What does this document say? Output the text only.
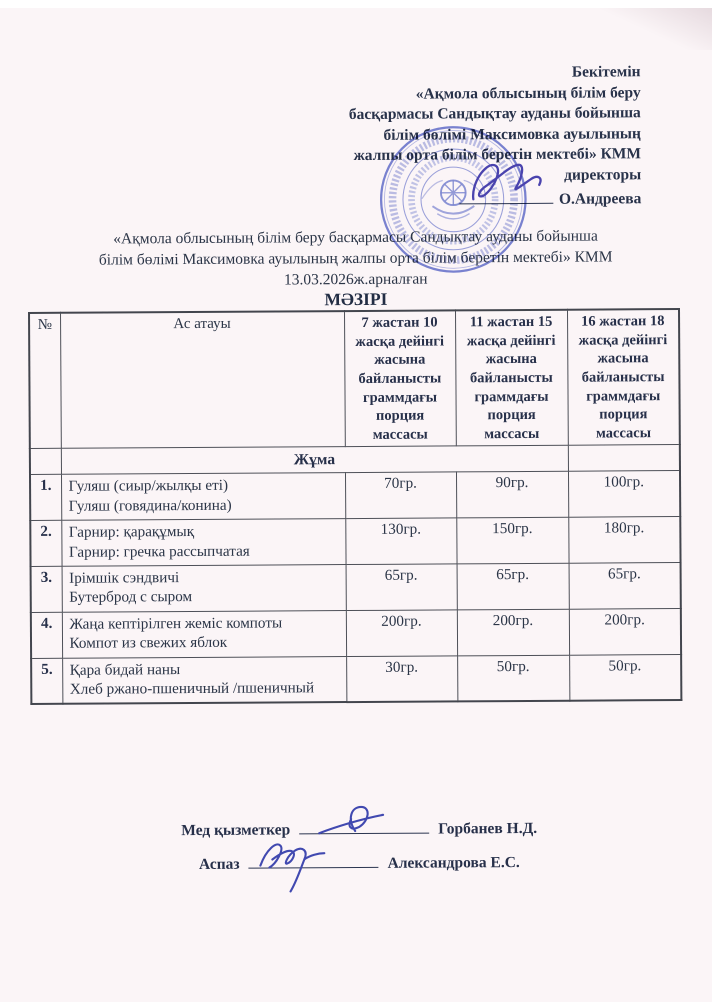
Бекітемін
«Ақмола облысының білім беру
басқармасы Сандықтау ауданы бойынша
білім бөлімі Максимовка ауылының
жалпы орта білім беретін мектебі» КММ
директоры
О.Андреева
«Ақмола облысының білім беру басқармасы Сандықтау ауданы бойынша
білім бөлімі Максимовка ауылының жалпы орта білім беретін мектебі» КММ
13.03.2026ж.арналған
МӘЗІРІ
№	Ас атауы	7 жастан 10 жасқа дейінгі жасына байланысты граммдағы порция массасы	11 жастан 15 жасқа дейінгі жасына байланысты граммдағы порция массасы	16 жастан 18 жасқа дейінгі жасына байланысты граммдағы порция массасы
	Жұма			
1.	Гуляш (сиыр/жылқы еті)
Гуляш (говядина/конина)	70гр.	90гр.	100гр.
2.	Гарнир: қарақұмық
Гарнир: гречка рассыпчатая	130гр.	150гр.	180гр.
3.	Ірімшік сэндвичі
Бутерброд с сыром	65гр.	65гр.	65гр.
4.	Жаңа кептірілген жеміс компоты
Компот из свежих яблок	200гр.	200гр.	200гр.
5.	Қара бидай наны
Хлеб ржано-пшеничный /пшеничный	30гр.	50гр.	50гр.
Мед қызметкер	Горбанев Н.Д.
Аспаз	Александрова Е.С.
